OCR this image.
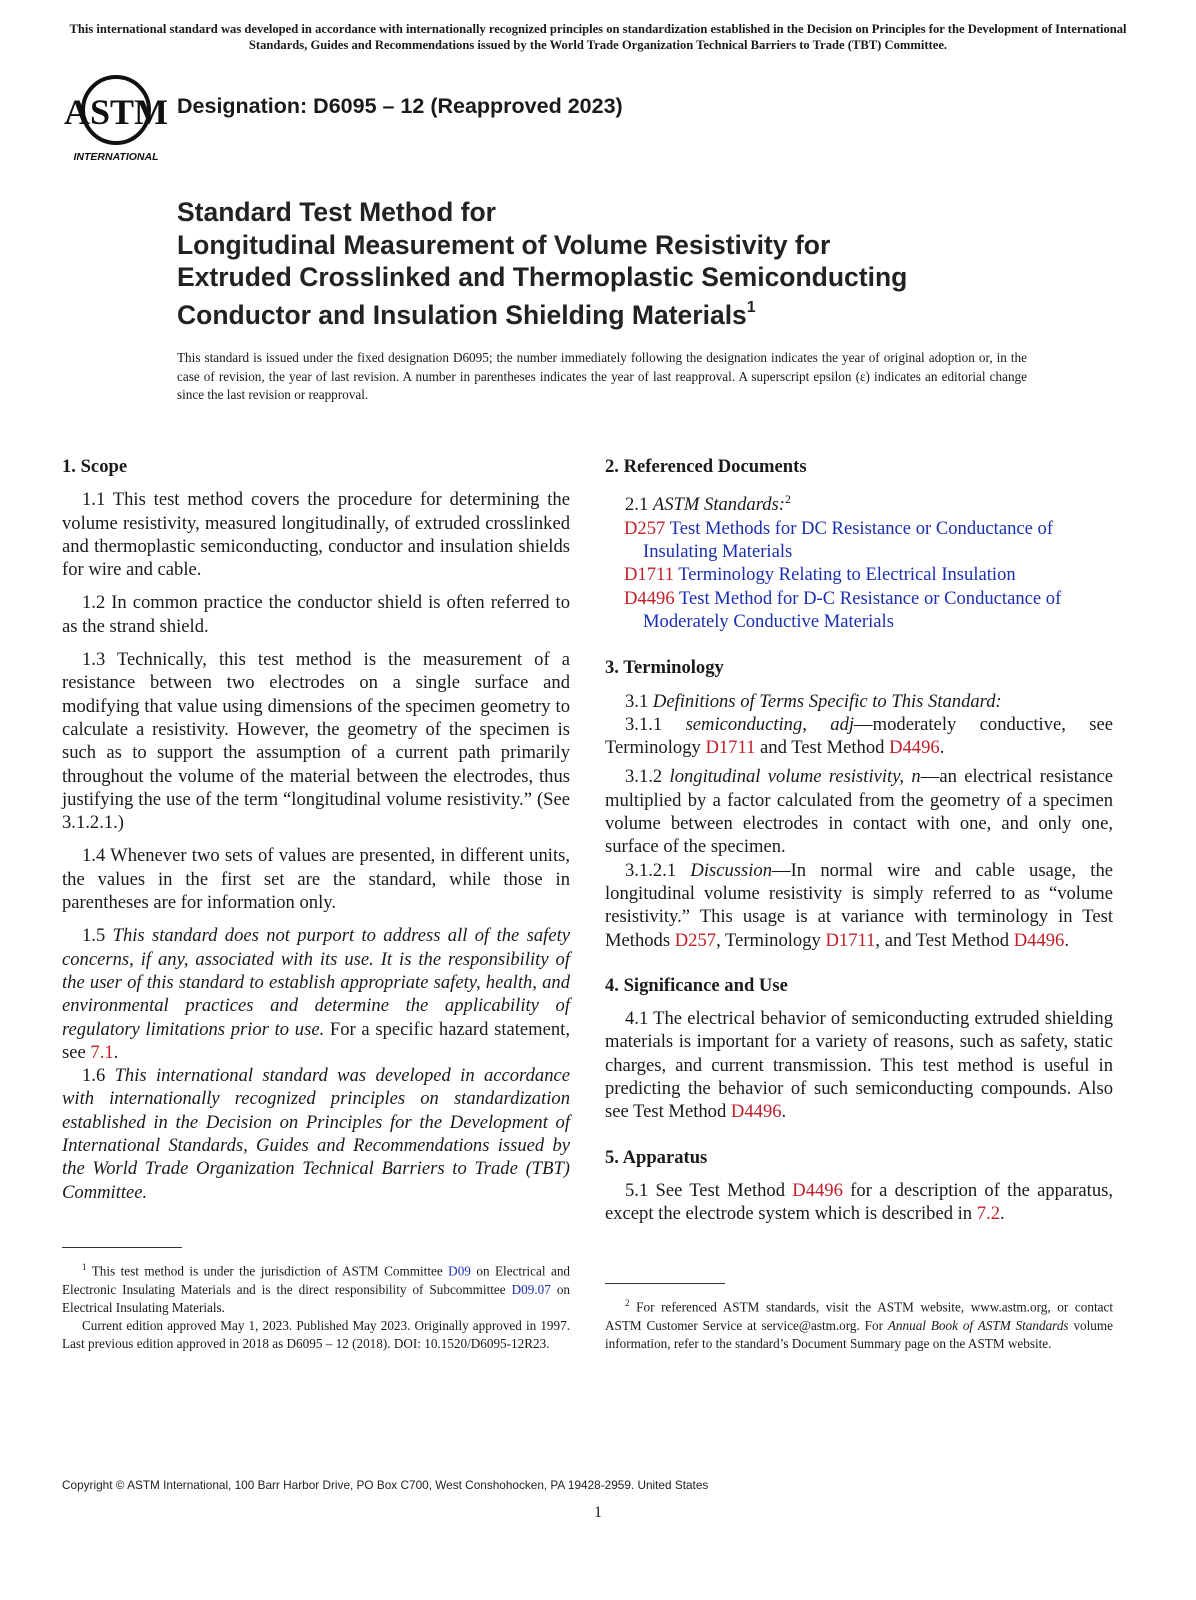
This international standard was developed in accordance with internationally recognized principles on standardization established in the Decision on Principles for the Development of International Standards, Guides and Recommendations issued by the World Trade Organization Technical Barriers to Trade (TBT) Committee.
ASTM
INTERNATIONAL
Designation: D6095 – 12 (Reapproved 2023)
Standard Test Method for
Longitudinal Measurement of Volume Resistivity for
Extruded Crosslinked and Thermoplastic Semiconducting
Conductor and Insulation Shielding Materials$^1$
This standard is issued under the fixed designation D6095; the number immediately following the designation indicates the year of original adoption or, in the case of revision, the year of last revision. A number in parentheses indicates the year of last reapproval. A superscript epsilon (ε) indicates an editorial change since the last revision or reapproval.
1. Scope

1.1 This test method covers the procedure for determining the volume resistivity, measured longitudinally, of extruded crosslinked and thermoplastic semiconducting, conductor and insulation shields for wire and cable.

1.2 In common practice the conductor shield is often referred to as the strand shield.

1.3 Technically, this test method is the measurement of a resistance between two electrodes on a single surface and modifying that value using dimensions of the specimen geometry to calculate a resistivity. However, the geometry of the specimen is such as to support the assumption of a current path primarily throughout the volume of the material between the electrodes, thus justifying the use of the term “longitudinal volume resistivity.” (See 3.1.2.1.)

1.4 Whenever two sets of values are presented, in different units, the values in the first set are the standard, while those in parentheses are for information only.

1.5 This standard does not purport to address all of the safety concerns, if any, associated with its use. It is the responsibility of the user of this standard to establish appropriate safety, health, and environmental practices and determine the applicability of regulatory limitations prior to use. For a specific hazard statement, see 7.1.

1.6 This international standard was developed in accordance with internationally recognized principles on standardization established in the Decision on Principles for the Development of International Standards, Guides and Recommendations issued by the World Trade Organization Technical Barriers to Trade (TBT) Committee.

2. Referenced Documents

2.1 ASTM Standards:$^2$

D257 Test Methods for DC Resistance or Conductance of Insulating Materials

D1711 Terminology Relating to Electrical Insulation

D4496 Test Method for D-C Resistance or Conductance of Moderately Conductive Materials

3. Terminology

3.1 Definitions of Terms Specific to This Standard:

3.1.1 semiconducting, adj—moderately conductive, see Terminology D1711 and Test Method D4496.

3.1.2 longitudinal volume resistivity, n—an electrical resistance multiplied by a factor calculated from the geometry of a specimen volume between electrodes in contact with one, and only one, surface of the specimen.

3.1.2.1 Discussion—In normal wire and cable usage, the longitudinal volume resistivity is simply referred to as “volume resistivity.” This usage is at variance with terminology in Test Methods D257, Terminology D1711, and Test Method D4496.

4. Significance and Use

4.1 The electrical behavior of semiconducting extruded shielding materials is important for a variety of reasons, such as safety, static charges, and current transmission. This test method is useful in predicting the behavior of such semiconducting compounds. Also see Test Method D4496.

5. Apparatus

5.1 See Test Method D4496 for a description of the apparatus, except the electrode system which is described in 7.2.

$^1$ This test method is under the jurisdiction of ASTM Committee D09 on Electrical and Electronic Insulating Materials and is the direct responsibility of Subcommittee D09.07 on Electrical Insulating Materials.

Current edition approved May 1, 2023. Published May 2023. Originally approved in 1997. Last previous edition approved in 2018 as D6095 – 12 (2018). DOI: 10.1520/D6095-12R23.

$^2$ For referenced ASTM standards, visit the ASTM website, www.astm.org, or contact ASTM Customer Service at service@astm.org. For Annual Book of ASTM Standards volume information, refer to the standard’s Document Summary page on the ASTM website.

Copyright © ASTM International, 100 Barr Harbor Drive, PO Box C700, West Conshohocken, PA 19428-2959. United States
1
